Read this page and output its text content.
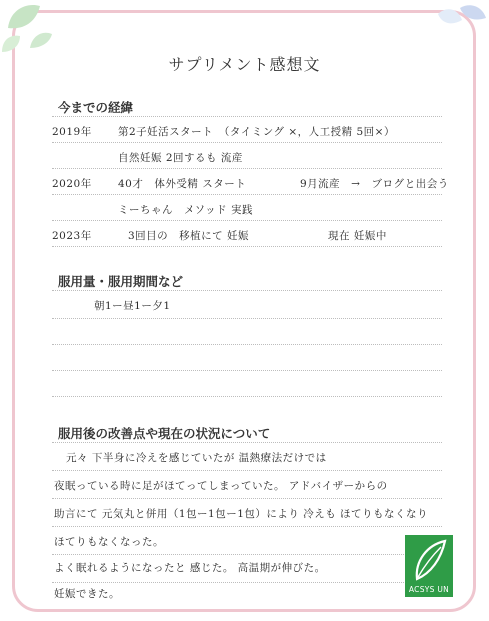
サプリメント感想文
今までの経緯
2019年	第2子妊活スタート　（タイミング ×，人工授精 5回×）
自然妊娠 2回するも 流産
2020年	40才　体外受精 スタート	9月流産　→　ブログと出会う
ミーちゃん　メソッド 実践
2023年	3回目の　移植にて 妊娠	現在 妊娠中
服用量・服用期間など
朝1ー昼1ー夕1
服用後の改善点や現在の状況について
元々 下半身に冷えを感じていたが 温熱療法だけでは
夜眠っている時に足がほてってしまっていた。 アドバイザーからの
助言にて 元気丸と併用（1包ー1包ー1包）により 冷えも ほてりもなくなり
ほてりもなくなった。
よく眠れるようになったと 感じた。 高温期が伸びた。
妊娠できた。	ACSYS UN
